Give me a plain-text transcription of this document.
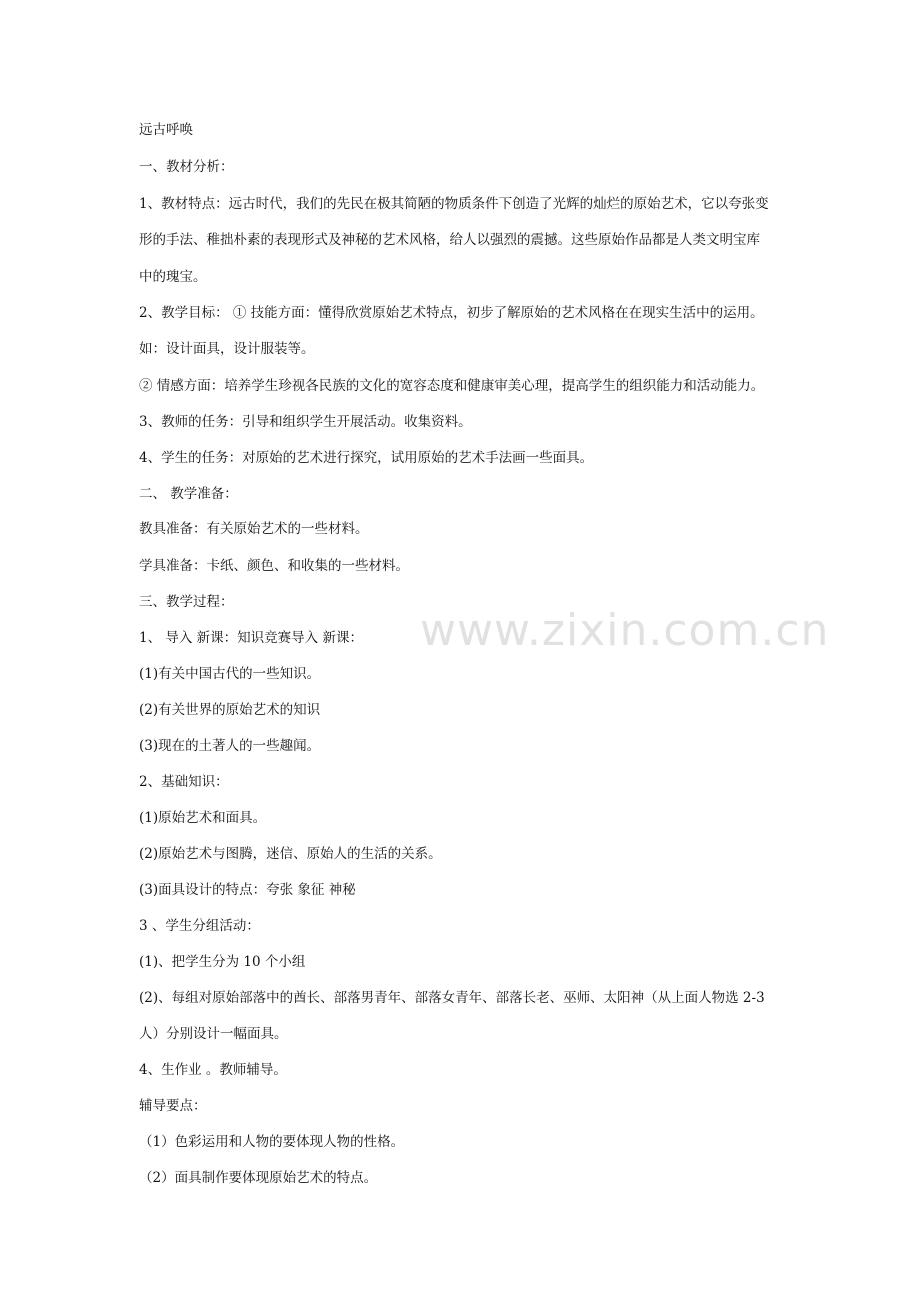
远古呼唤
一、教材分析：
1、教材特点：远古时代，我们的先民在极其简陋的物质条件下创造了光辉的灿烂的原始艺术，它以夸张变
形的手法、稚拙朴素的表现形式及神秘的艺术风格，给人以强烈的震撼。这些原始作品都是人类文明宝库
中的瑰宝。
2、教学目标： ① 技能方面：懂得欣赏原始艺术特点，初步了解原始的艺术风格在在现实生活中的运用。
如：设计面具，设计服装等。
② 情感方面：培养学生珍视各民族的文化的宽容态度和健康审美心理，提高学生的组织能力和活动能力。
3、教师的任务：引导和组织学生开展活动。收集资料。
4、学生的任务：对原始的艺术进行探究，试用原始的艺术手法画一些面具。
二、 教学准备：
教具准备：有关原始艺术的一些材料。
学具准备：卡纸、颜色、和收集的一些材料。
三、教学过程：
1、 导入 新课：知识竞赛导入 新课：
(1)有关中国古代的一些知识。
(2)有关世界的原始艺术的知识
(3)现在的土著人的一些趣闻。
2、基础知识：
(1)原始艺术和面具。
(2)原始艺术与图腾，迷信、原始人的生活的关系。
(3)面具设计的特点：夸张 象征 神秘
3 、学生分组活动：
(1)、把学生分为 10 个小组
(2)、每组对原始部落中的酋长、部落男青年、部落女青年、部落长老、巫师、太阳神（从上面人物选 2-3
人）分别设计一幅面具。
4、生作业 。教师辅导。
辅导要点：
（1）色彩运用和人物的要体现人物的性格。
（2）面具制作要体现原始艺术的特点。
www.zixin.com.cn
